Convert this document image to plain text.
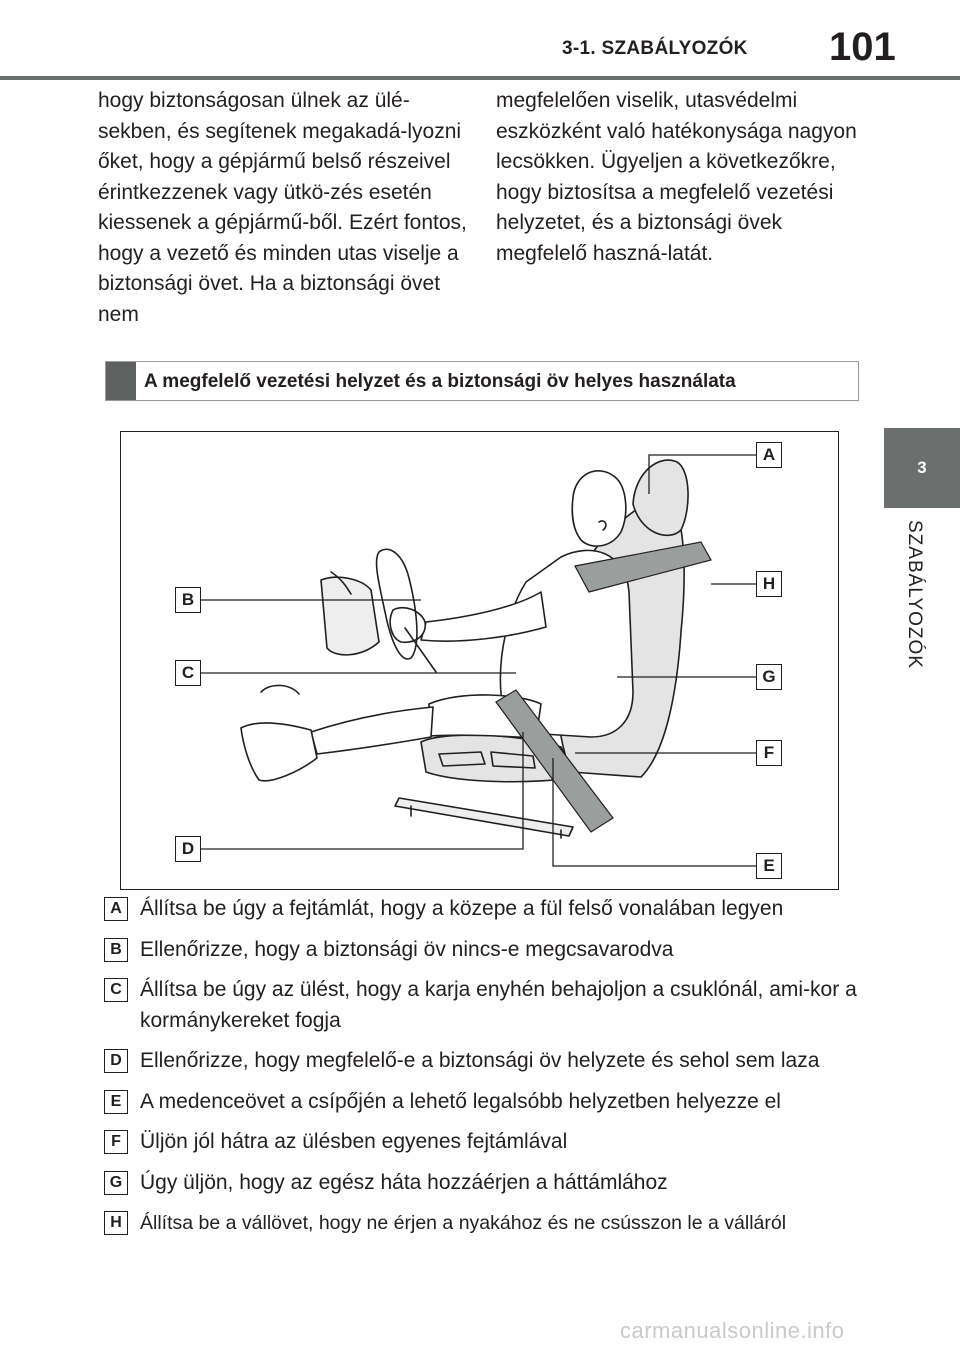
3-1. SZABÁLYOZÓK 101
3
SZABÁLYOZÓK

hogy biztonságosan ülnek az ülé-sekben, és segítenek megakadá-lyozni őket, hogy a gépjármű belső részeivel érintkezzenek vagy ütkö-zés esetén kiessenek a gépjármű-ből. Ezért fontos, hogy a vezető és minden utas viselje a biztonsági övet. Ha a biztonsági övet nem

megfelelően viselik, utasvédelmi eszközként való hatékonysága nagyon lecsökken. Ügyeljen a következőkre, hogy biztosítsa a megfelelő vezetési helyzetet, és a biztonsági övek megfelelő haszná-latát.

A megfelelő vezetési helyzet és a biztonsági öv helyes használata
A
B
C
D
E
F
G
H
A Állítsa be úgy a fejtámlát, hogy a közepe a fül felső vonalában legyen
B Ellenőrizze, hogy a biztonsági öv nincs-e megcsavarodva
C Állítsa be úgy az ülést, hogy a karja enyhén behajoljon a csuklónál, ami-kor a kormánykereket fogja
D Ellenőrizze, hogy megfelelő-e a biztonsági öv helyzete és sehol sem laza
E A medenceövet a csípőjén a lehető legalsóbb helyzetben helyezze el
F Üljön jól hátra az ülésben egyenes fejtámlával
G Úgy üljön, hogy az egész háta hozzáérjen a háttámlához
H Állítsa be a vállövet, hogy ne érjen a nyakához és ne csússzon le a válláról
carmanualsonline.info
